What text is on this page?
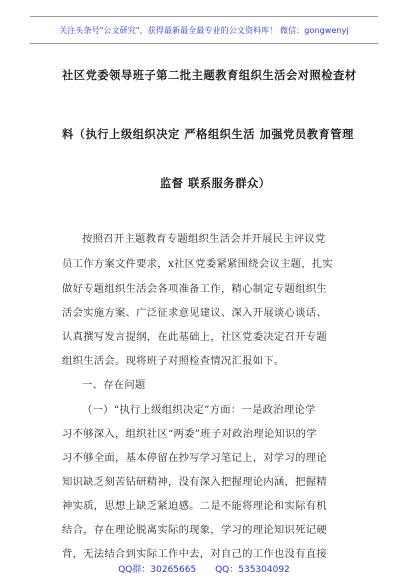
关注头条号"公文研究"，获得最新最全最专业的公文资料库！ 微信：gongwenyj
社区党委领导班子第二批主题教育组织生活会对照检查材
料（执行上级组织决定 严格组织生活 加强党员教育管理
监督 联系服务群众）
按照召开主题教育专题组织生活会并开展民主评议党
员工作方案文件要求，x社区党委紧紧围绕会议主题，扎实
做好专题组织生活会各项准备工作，精心制定专题组织生
活会实施方案、广泛征求意见建议、深入开展谈心谈话、
认真撰写发言提纲，在此基础上，社区党委决定召开专题
组织生活会。现将班子对照检查情况汇报如下。
一、存在问题
（一）“执行上级组织决定”方面：一是政治理论学
习不够深入，组织社区“两委”班子对政治理论知识的学
习不够全面，基本停留在抄写学习笔记上，对学习的理论
知识缺乏刻苦钻研精神，没有深入把握理论内涵，把握精
神实质，思想上缺乏紧迫感。二是不能将理论和实际有机
结合，存在理论脱离实际的现象，学习的理论知识死记硬
背，无法结合到实际工作中去，对自己的工作也没有直接
QQ群：30265665 QQ：535304092
